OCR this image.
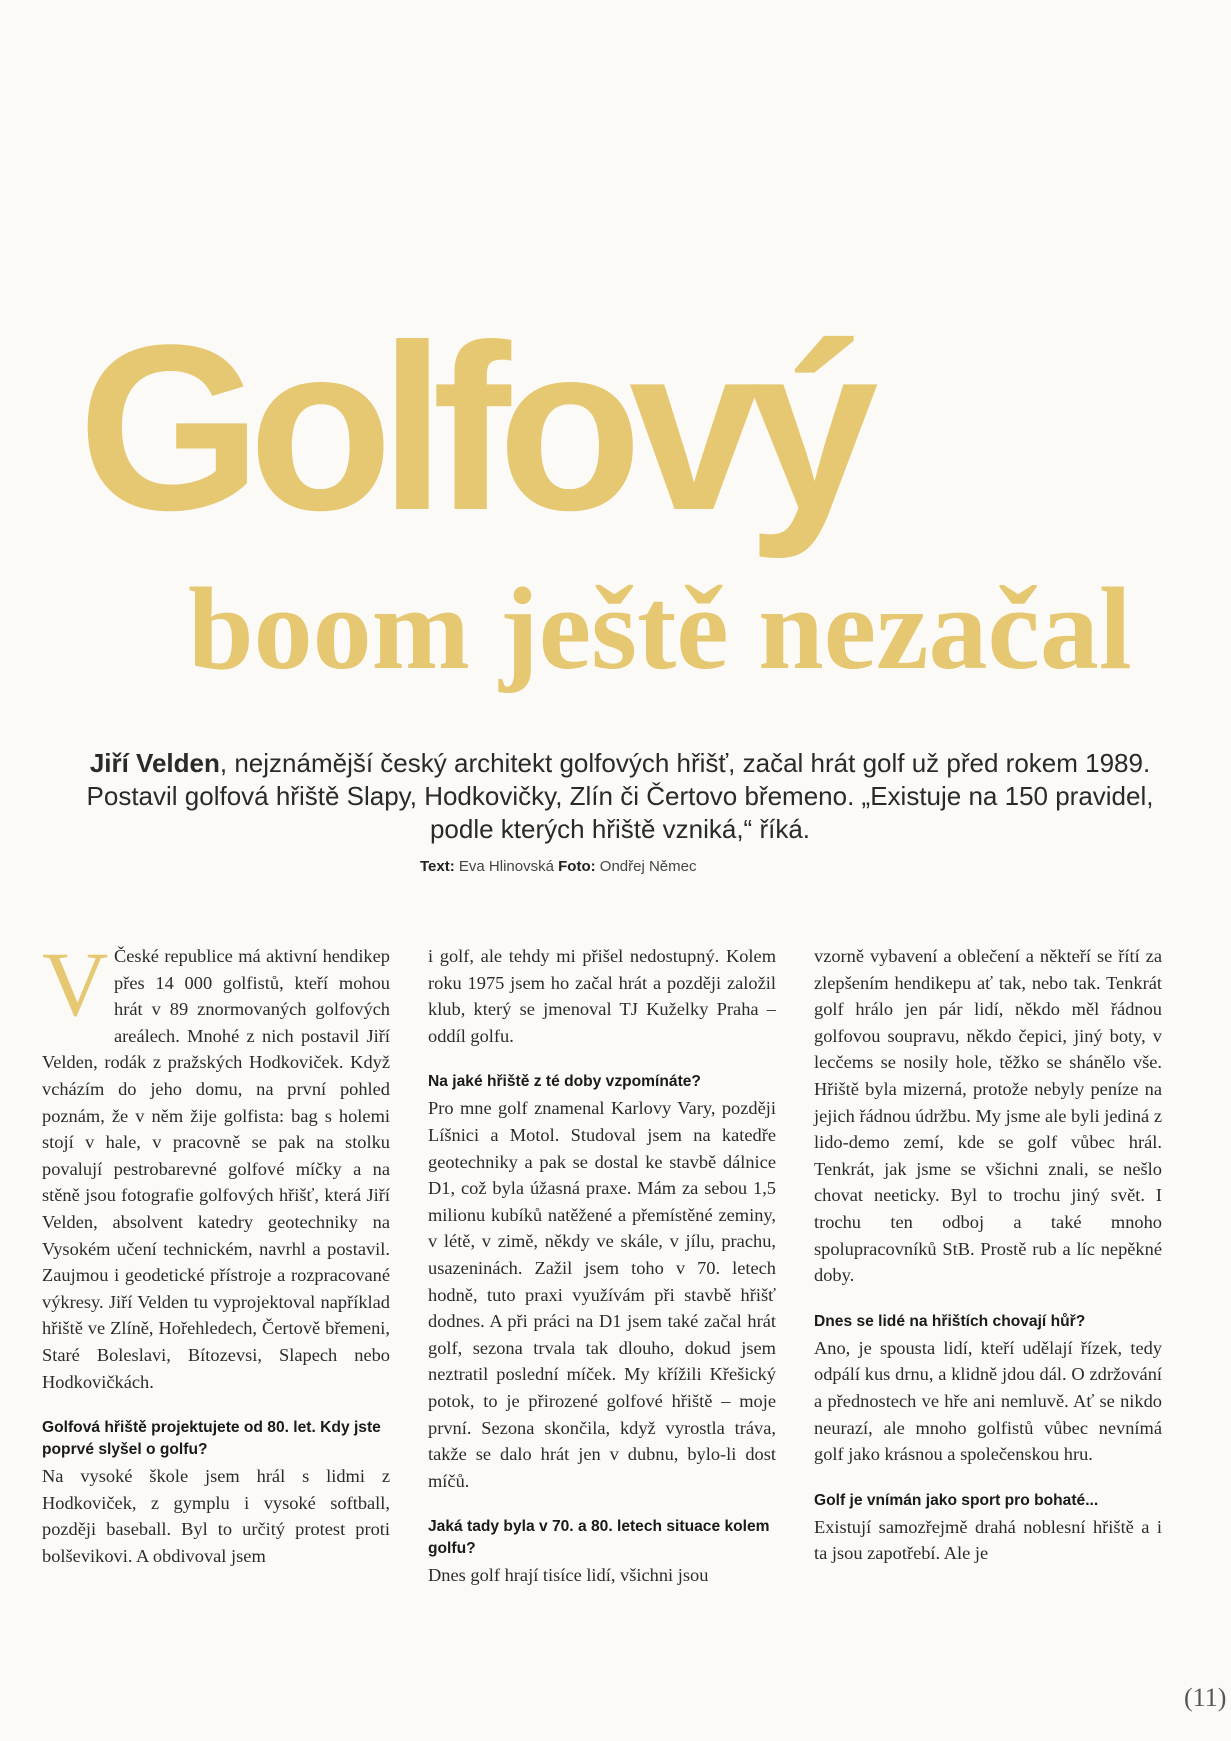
Golfový
boom ještě nezačal
Jiří Velden, nejznámější český architekt golfových hřišť, začal hrát golf už před rokem 1989. Postavil golfová hřiště Slapy, Hodkovičky, Zlín či Čertovo břemeno. „Existuje na 150 pravidel, podle kterých hřiště vzniká,“ říká.
Text: Eva Hlinovská Foto: Ondřej Němec
V České republice má aktivní hendikep přes 14 000 golfistů, kteří mohou hrát v 89 znormovaných golfových areálech. Mnohé z nich postavil Jiří Velden, rodák z pražských Hodkoviček. Když vcházím do jeho domu, na první pohled poznám, že v něm žije golfista: bag s holemi stojí v hale, v pracovně se pak na stolku povalují pestrobarevné golfové míčky a na stěně jsou fotografie golfových hřišť, která Jiří Velden, absolvent katedry geotechniky na Vysokém učení technickém, navrhl a postavil. Zaujmou i geodetické přístroje a rozpracované výkresy. Jiří Velden tu vyprojektoval například hřiště ve Zlíně, Hořehledech, Čertově břemeni, Staré Boleslavi, Bítozevsi, Slapech nebo Hodkovičkách.

Golfová hřiště projektujete od 80. let. Kdy jste poprvé slyšel o golfu?

Na vysoké škole jsem hrál s lidmi z Hodkoviček, z gymplu i vysoké softball, později baseball. Byl to určitý protest proti bolševikovi. A obdivoval jsem

i golf, ale tehdy mi přišel nedostupný. Kolem roku 1975 jsem ho začal hrát a později založil klub, který se jmenoval TJ Kuželky Praha – oddíl golfu.

Na jaké hřiště z té doby vzpomínáte?

Pro mne golf znamenal Karlovy Vary, později Líšnici a Motol. Studoval jsem na katedře geotechniky a pak se dostal ke stavbě dálnice D1, což byla úžasná praxe. Mám za sebou 1,5 milionu kubíků natěžené a přemístěné zeminy, v létě, v zimě, někdy ve skále, v jílu, prachu, usazeninách. Zažil jsem toho v 70. letech hodně, tuto praxi využívám při stavbě hřišť dodnes. A při práci na D1 jsem také začal hrát golf, sezona trvala tak dlouho, dokud jsem neztratil poslední míček. My křížili Křešický potok, to je přirozené golfové hřiště – moje první. Sezona skončila, když vyrostla tráva, takže se dalo hrát jen v dubnu, bylo-li dost míčů.

Jaká tady byla v 70. a 80. letech situace kolem golfu?

Dnes golf hrají tisíce lidí, všichni jsou

vzorně vybavení a oblečení a někteří se řítí za zlepšením hendikepu ať tak, nebo tak. Tenkrát golf hrálo jen pár lidí, někdo měl řádnou golfovou soupravu, někdo čepici, jiný boty, v lecčems se nosily hole, těžko se shánělo vše. Hřiště byla mizerná, protože nebyly peníze na jejich řádnou údržbu. My jsme ale byli jediná z lido-demo zemí, kde se golf vůbec hrál. Tenkrát, jak jsme se všichni znali, se nešlo chovat neeticky. Byl to trochu jiný svět. I trochu ten odboj a také mnoho spolupracovníků StB. Prostě rub a líc nepěkné doby.

Dnes se lidé na hřištích chovají hůř?

Ano, je spousta lidí, kteří udělají řízek, tedy odpálí kus drnu, a klidně jdou dál. O zdržování a přednostech ve hře ani nemluvě. Ať se nikdo neurazí, ale mnoho golfistů vůbec nevnímá golf jako krásnou a společenskou hru.

Golf je vnímán jako sport pro bohaté...

Existují samozřejmě drahá noblesní hřiště a i ta jsou zapotřebí. Ale je

(11)
